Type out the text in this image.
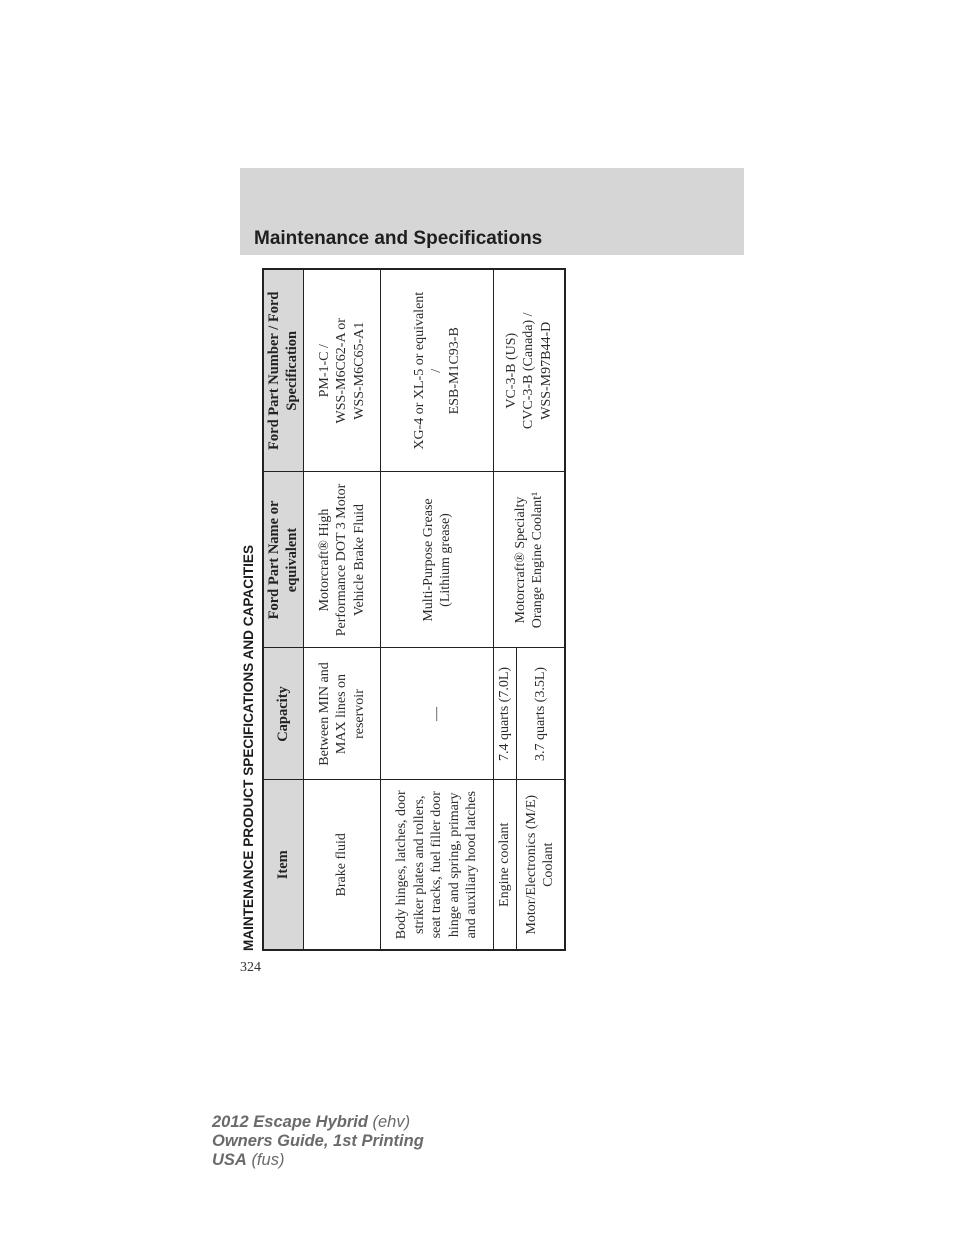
Maintenance and Specifications
MAINTENANCE PRODUCT SPECIFICATIONS AND CAPACITIES Item	Capacity	Ford Part Name or equivalent	Ford Part Number / Ford Specification
Brake fluid	Between MIN and MAX lines on reservoir	Motorcraft® High Performance DOT 3 Motor Vehicle Brake Fluid	PM-1-C / WSS-M6C62-A or WSS-M6C65-A1

Body hinges, latches, door striker plates and rollers, seat tracks, fuel filler door hinge and spring, primary and auxiliary hood latches	—	Multi-Purpose Grease (Lithium grease)	XG-4 or XL-5 or equivalent / ESB-M1C93-B

Engine coolant	7.4 quarts (7.0L)	Motorcraft® Specialty Orange Engine Coolant¹	VC-3-B (US) CVC-3-B (Canada) / WSS-M97B44-D

Motor/Electronics (M/E) Coolant	3.7 quarts (3.5L)		
324
2012 Escape Hybrid (ehv)
Owners Guide, 1st Printing
USA (fus)
